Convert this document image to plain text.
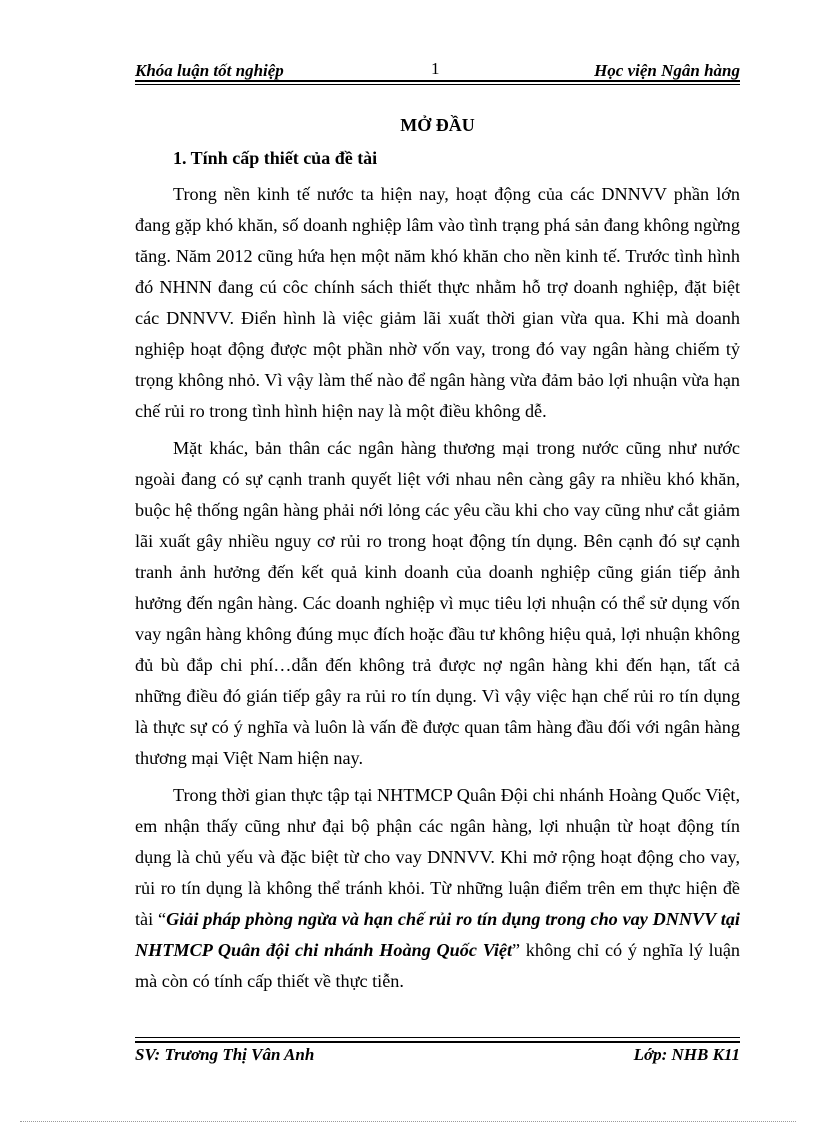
Khóa luận tốt nghiệp	1	Học viện Ngân hàng

MỞ ĐẦU

1. Tính cấp thiết của đề tài

Trong nền kinh tế nước ta hiện nay, hoạt động của các DNNVV phần lớn đang gặp khó khăn, số doanh nghiệp lâm vào tình trạng phá sản đang không ngừng tăng. Năm 2012 cũng hứa hẹn một năm khó khăn cho nền kinh tế. Trước tình hình đó NHNN đang cú côc chính sách thiết thực nhằm hỗ trợ doanh nghiệp, đặt biệt các DNNVV. Điển hình là việc giảm lãi xuất thời gian vừa qua. Khi mà doanh nghiệp hoạt động được một phần nhờ vốn vay, trong đó vay ngân hàng chiếm tỷ trọng không nhỏ. Vì vậy làm thế nào để ngân hàng vừa đảm bảo lợi nhuận vừa hạn chế rủi ro trong tình hình hiện nay là một điều không dễ.

Mặt khác, bản thân các ngân hàng thương mại trong nước cũng như nước ngoài đang có sự cạnh tranh quyết liệt với nhau nên càng gây ra nhiều khó khăn, buộc hệ thống ngân hàng phải nới lỏng các yêu cầu khi cho vay cũng như cắt giảm lãi xuất gây nhiều nguy cơ rủi ro trong hoạt động tín dụng. Bên cạnh đó sự cạnh tranh ảnh hưởng đến kết quả kinh doanh của doanh nghiệp cũng gián tiếp ảnh hưởng đến ngân hàng. Các doanh nghiệp vì mục tiêu lợi nhuận có thể sử dụng vốn vay ngân hàng không đúng mục đích hoặc đầu tư không hiệu quả, lợi nhuận không đủ bù đắp chi phí…dẫn đến không trả được nợ ngân hàng khi đến hạn, tất cả những điều đó gián tiếp gây ra rủi ro tín dụng. Vì vậy việc hạn chế rủi ro tín dụng là thực sự có ý nghĩa và luôn là vấn đề được quan tâm hàng đầu đối với ngân hàng thương mại Việt Nam hiện nay.

Trong thời gian thực tập tại NHTMCP Quân Đội chi nhánh Hoàng Quốc Việt, em nhận thấy cũng như đại bộ phận các ngân hàng, lợi nhuận từ hoạt động tín dụng là chủ yếu và đặc biệt từ cho vay DNNVV. Khi mở rộng hoạt động cho vay, rủi ro tín dụng là không thể tránh khỏi. Từ những luận điểm trên em thực hiện đề tài “Giải pháp phòng ngừa và hạn chế rủi ro tín dụng trong cho vay DNNVV tại NHTMCP Quân đội chi nhánh Hoàng Quốc Việt” không chỉ có ý nghĩa lý luận mà còn có tính cấp thiết về thực tiễn.

SV: Trương Thị Vân Anh	Lớp: NHB K11
